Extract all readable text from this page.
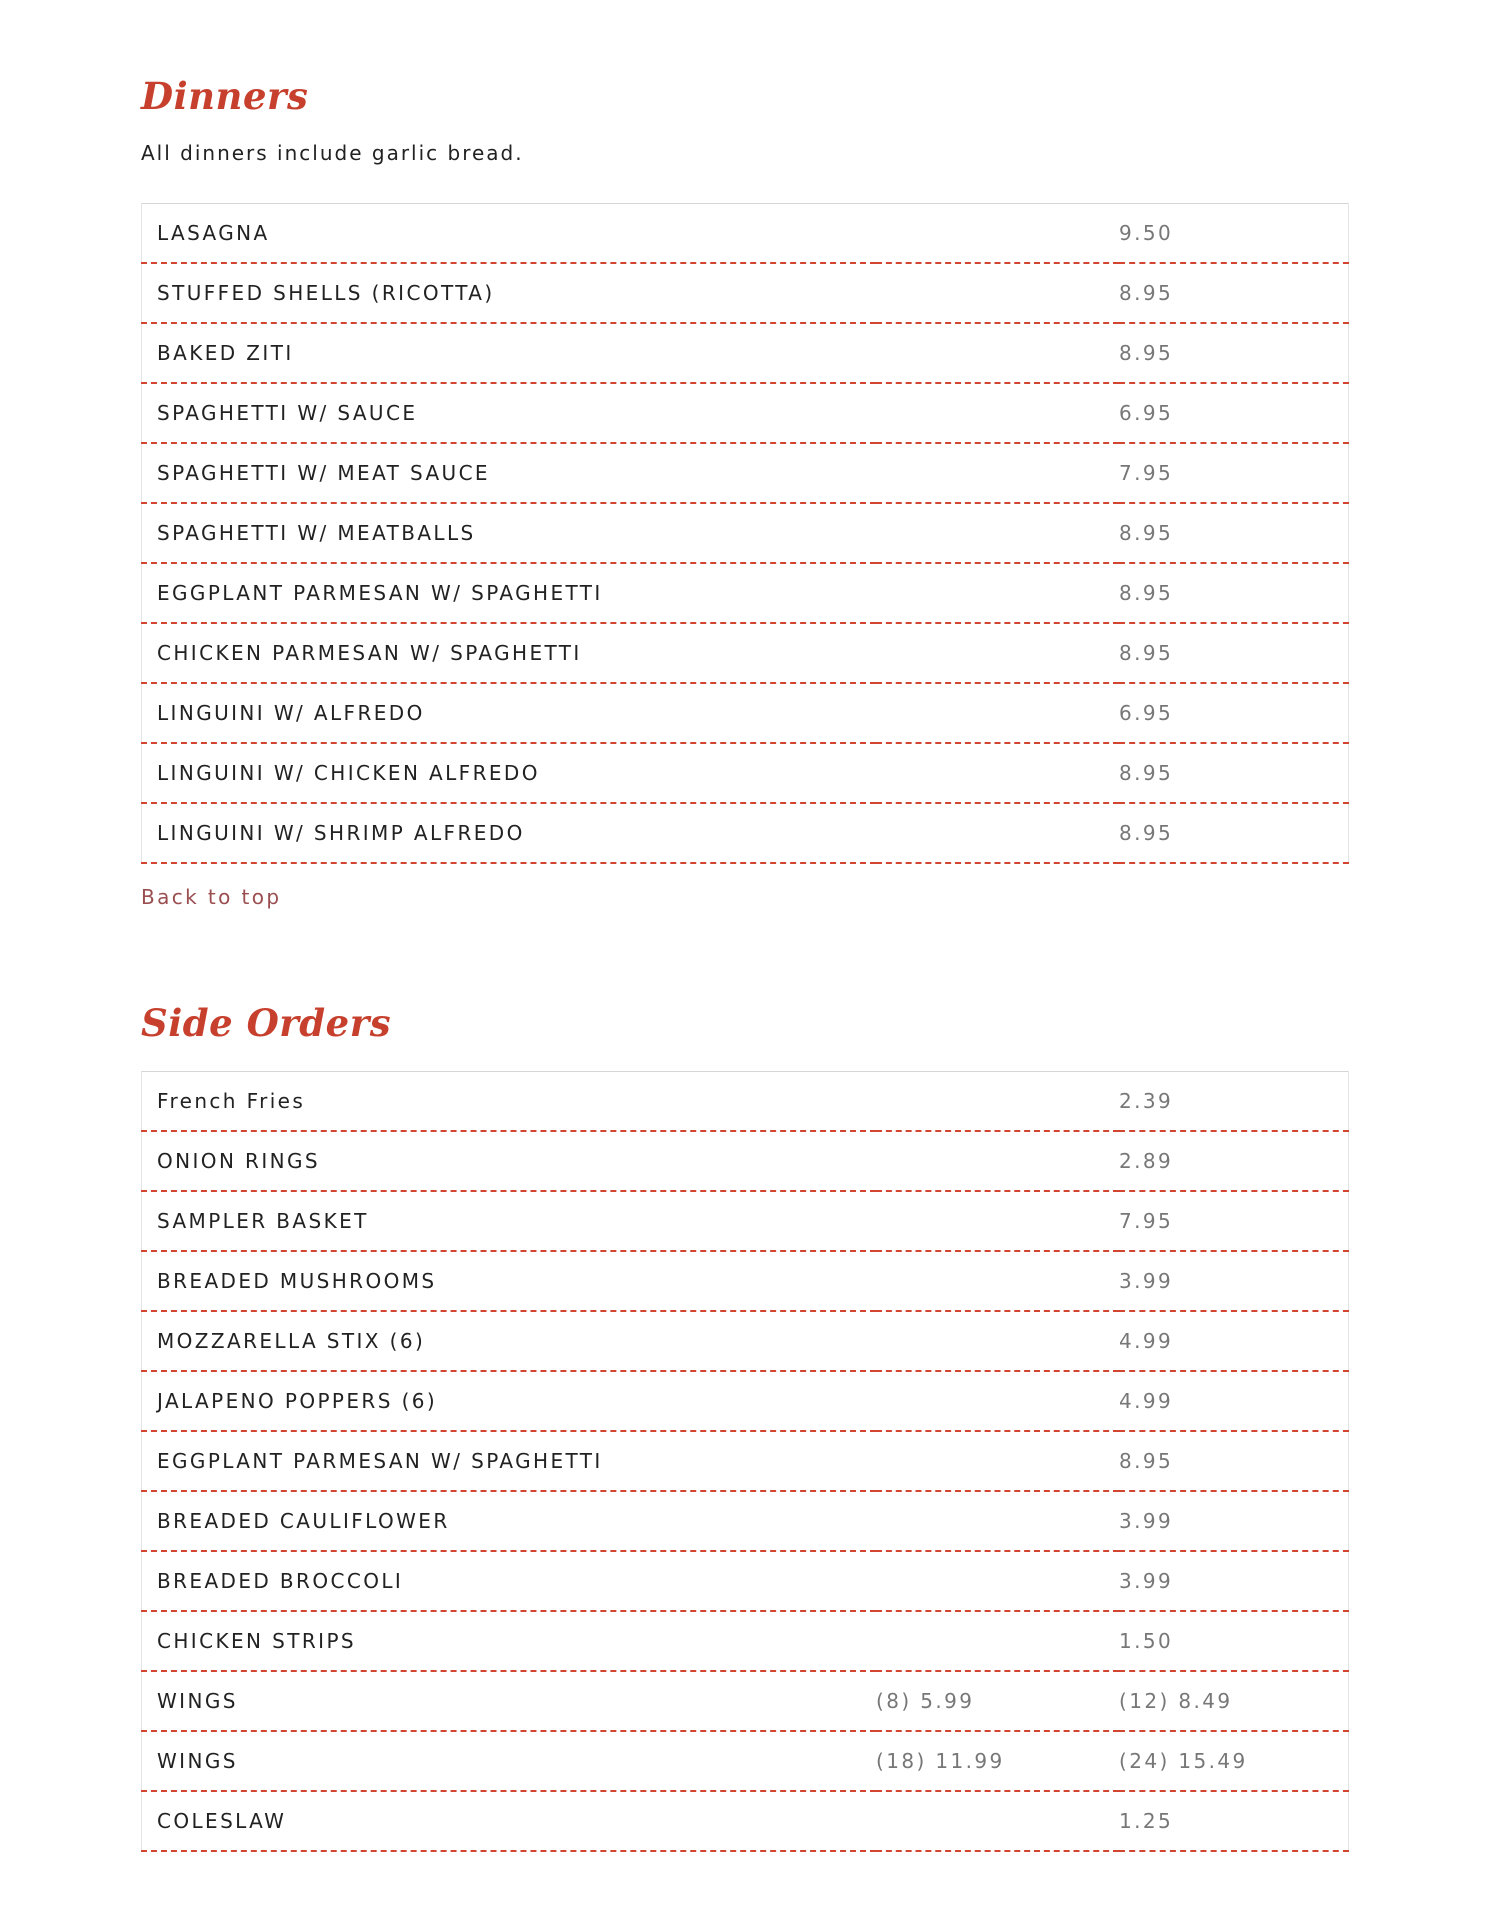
Dinners

All dinners include garlic bread.

LASAGNA		9.50
STUFFED SHELLS (RICOTTA)		8.95
BAKED ZITI		8.95
SPAGHETTI W/ SAUCE		6.95
SPAGHETTI W/ MEAT SAUCE		7.95
SPAGHETTI W/ MEATBALLS		8.95
EGGPLANT PARMESAN W/ SPAGHETTI		8.95
CHICKEN PARMESAN W/ SPAGHETTI		8.95
LINGUINI W/ ALFREDO		6.95
LINGUINI W/ CHICKEN ALFREDO		8.95
LINGUINI W/ SHRIMP ALFREDO		8.95
Back to top
Side Orders
French Fries		2.39
ONION RINGS		2.89
SAMPLER BASKET		7.95
BREADED MUSHROOMS		3.99
MOZZARELLA STIX (6)		4.99
JALAPENO POPPERS (6)		4.99
EGGPLANT PARMESAN W/ SPAGHETTI		8.95
BREADED CAULIFLOWER		3.99
BREADED BROCCOLI		3.99
CHICKEN STRIPS		1.50
WINGS	(8) 5.99	(12) 8.49
WINGS	(18) 11.99	(24) 15.49
COLESLAW		1.25
